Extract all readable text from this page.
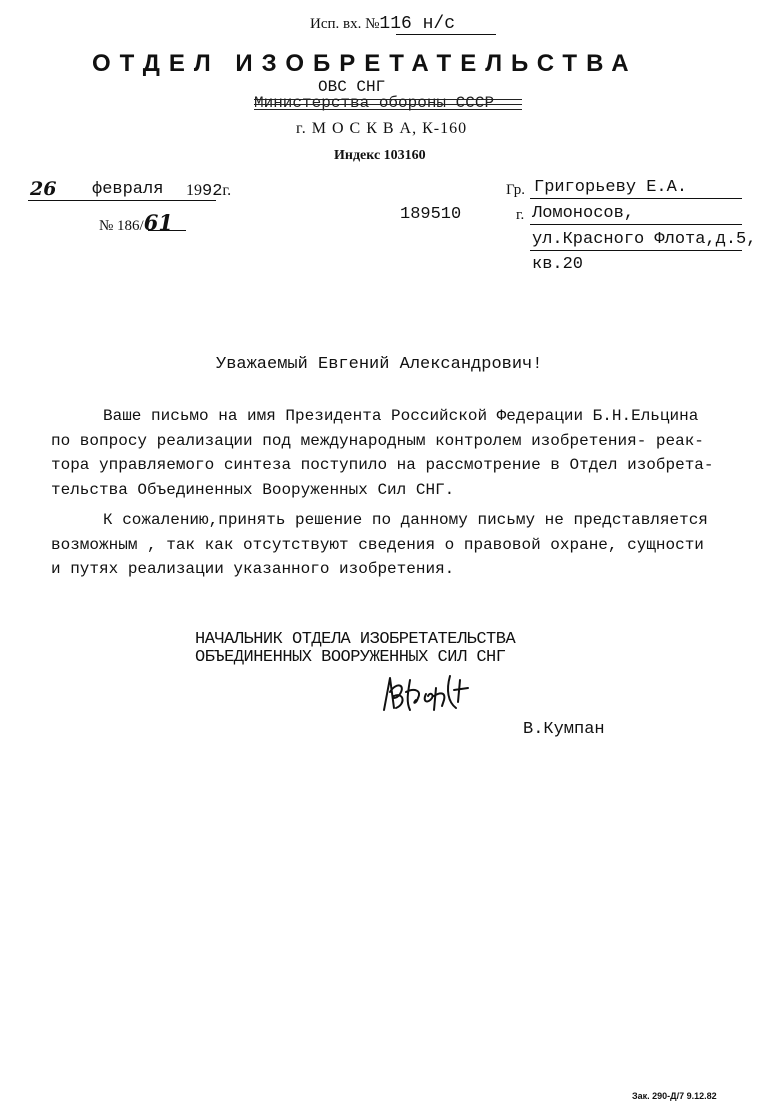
Исп. вх. №116 н/с
ОТДЕЛ ИЗОБРЕТАТЕЛЬСТВА
ОВС СНГ
Министерства обороны СССР
г. М О С К В А, К-160
Индекс 103160
26 февраля 1992г.
№ 186/61	189510
Гр. Григорьеву Е.А.
г. Ломоносов,
ул.Красного Флота,д.5,
кв.20
Уважаемый Евгений Александрович!
Ваше письмо на имя Президента Российской Федерации Б.Н.Ельцина
по вопросу реализации под международным контролем изобретения- реак-
тора управляемого синтеза поступило на рассмотрение в Отдел изобрета-
тельства Объединенных Вооруженных Сил СНГ.
К сожалению,принять решение по данному письму не представляется
возможным , так как отсутствуют сведения о правовой охране, сущности
и путях реализации указанного изобретения.
НАЧАЛЬНИК ОТДЕЛА ИЗОБРЕТАТЕЛЬСТВА
ОБЪЕДИНЕННЫХ ВООРУЖЕННЫХ СИЛ СНГ
В.Кумпан
Зак. 290-Д/7 9.12.82
